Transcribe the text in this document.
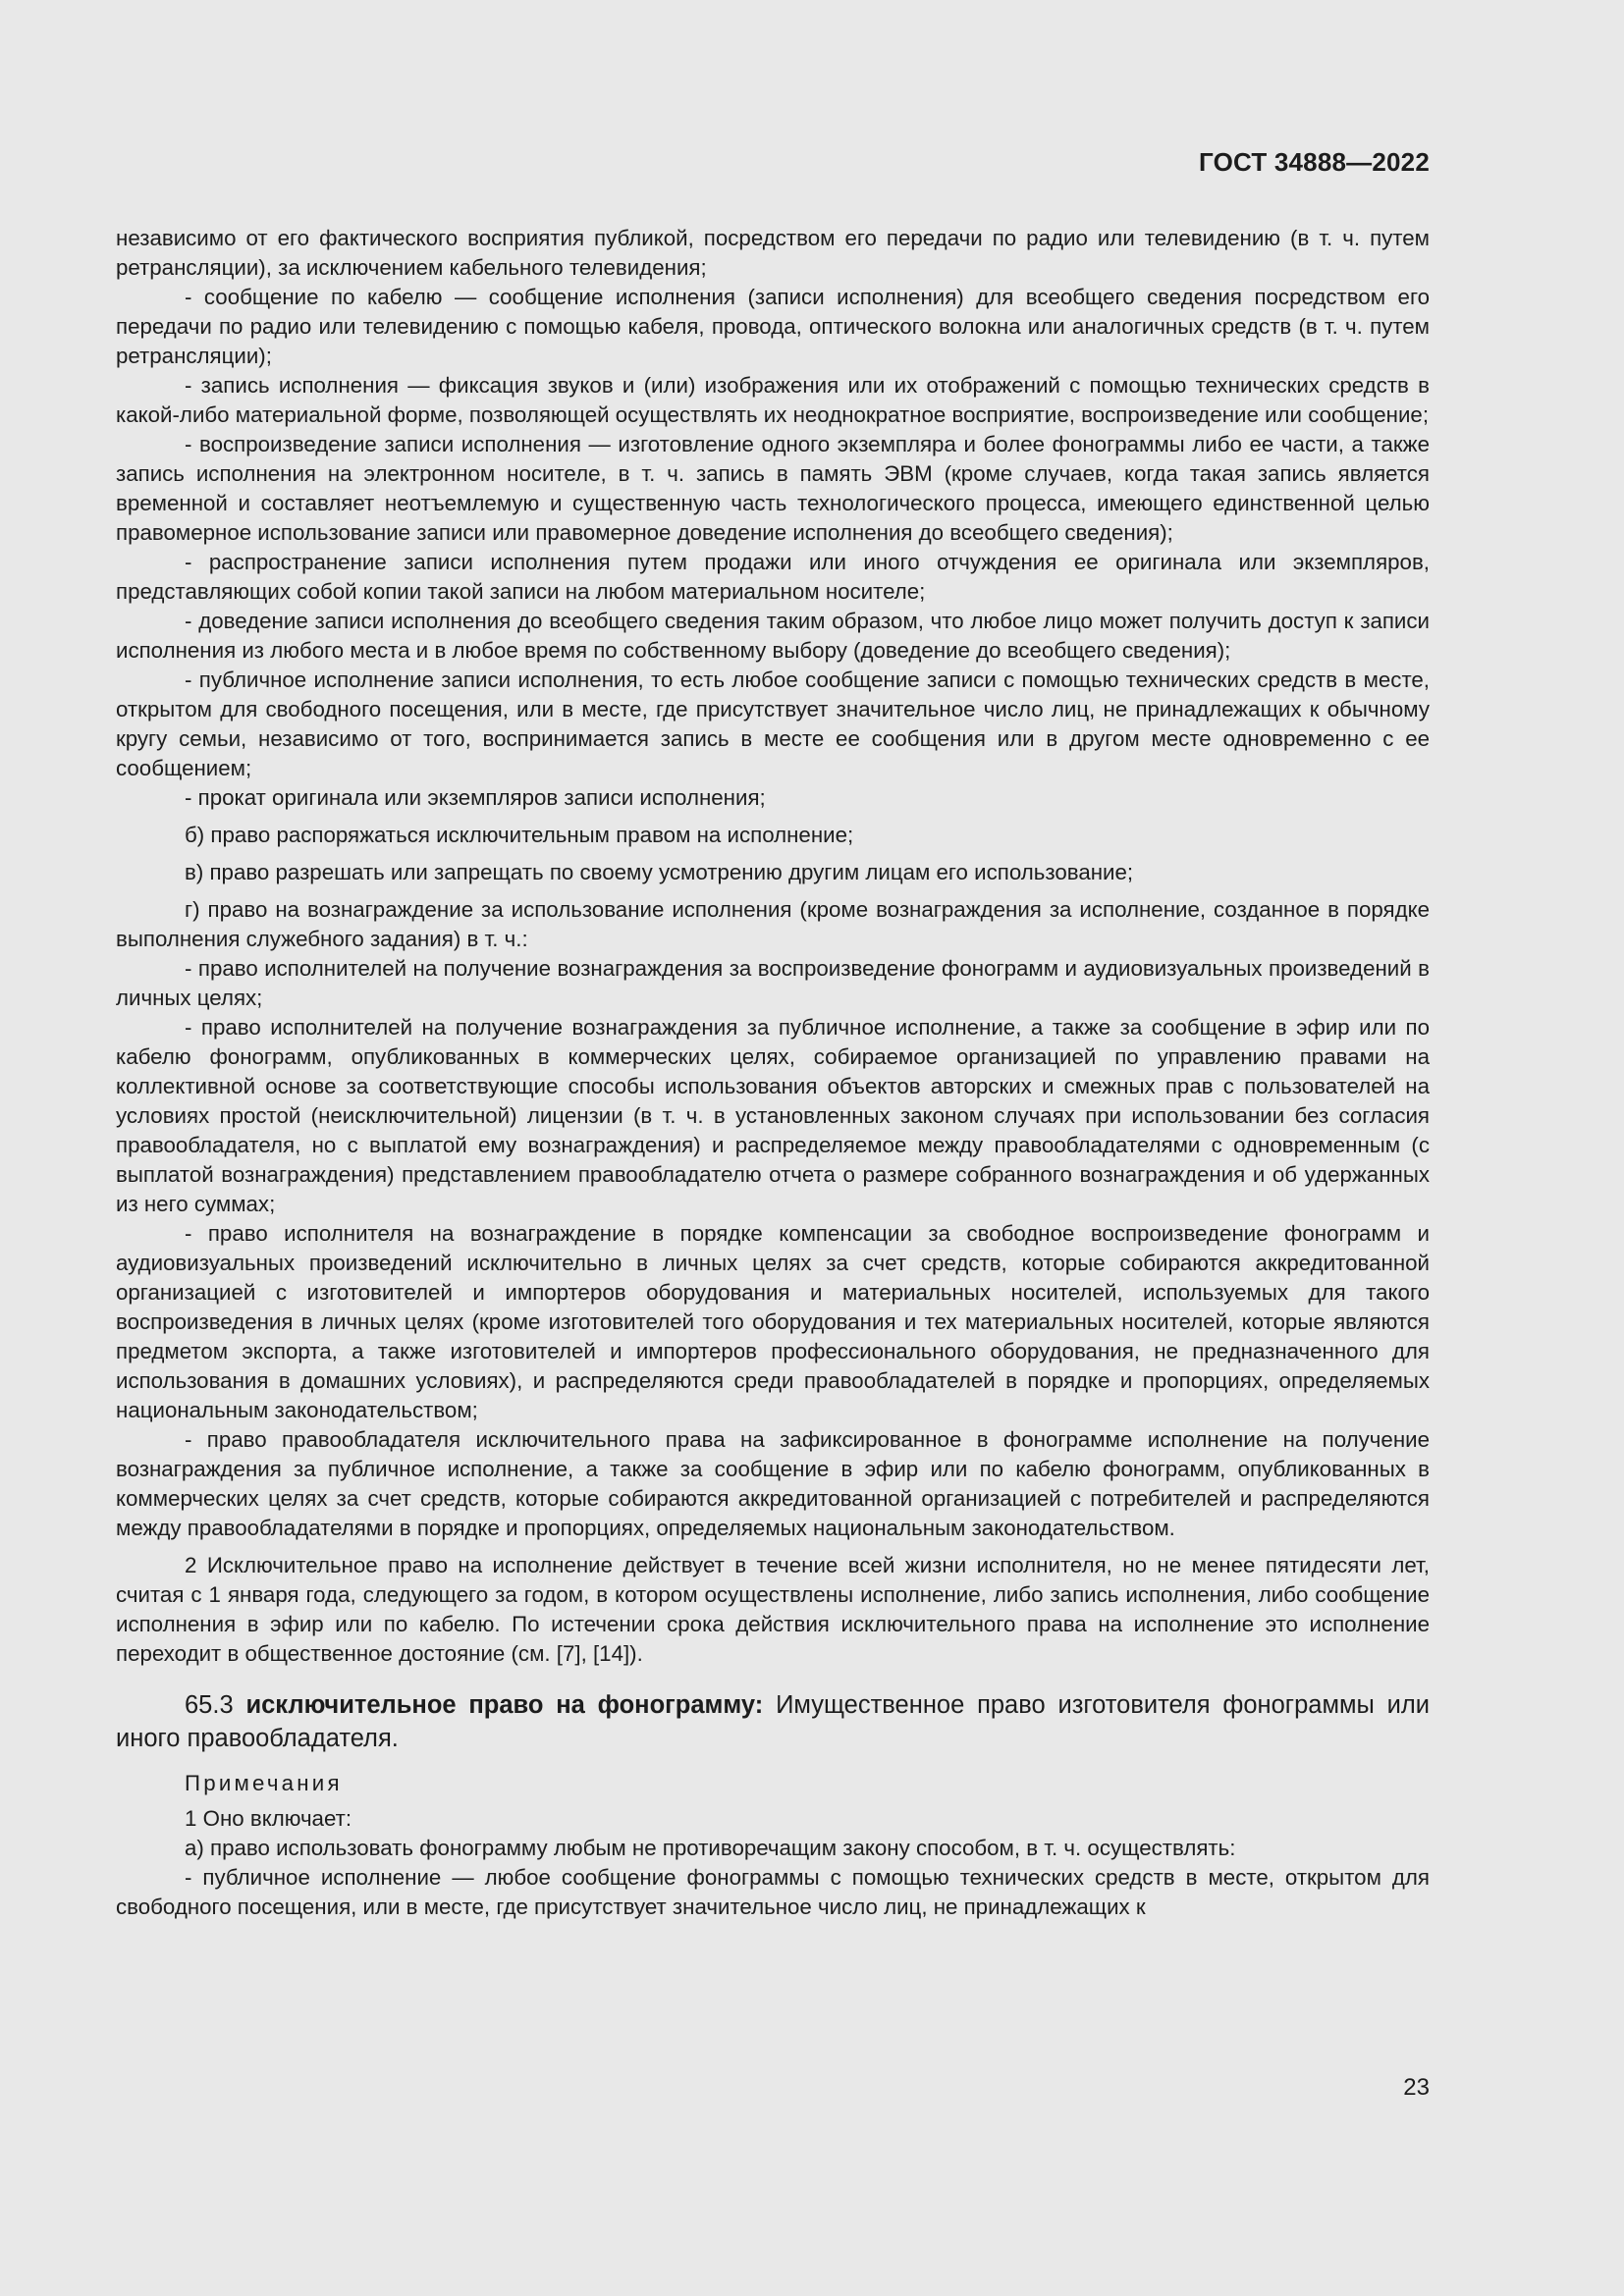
ГОСТ 34888—2022

независимо от его фактического восприятия публикой, посредством его передачи по радио или телевидению (в т. ч. путем ретрансляции), за исключением кабельного телевидения;

- сообщение по кабелю — сообщение исполнения (записи исполнения) для всеобщего сведения посредством его передачи по радио или телевидению с помощью кабеля, провода, оптического волокна или аналогичных средств (в т. ч. путем ретрансляции);

- запись исполнения — фиксация звуков и (или) изображения или их отображений с помощью технических средств в какой-либо материальной форме, позволяющей осуществлять их неоднократное восприятие, воспроизведение или сообщение;

- воспроизведение записи исполнения — изготовление одного экземпляра и более фонограммы либо ее части, а также запись исполнения на электронном носителе, в т. ч. запись в память ЭВМ (кроме случаев, когда такая запись является временной и составляет неотъемлемую и существенную часть технологического процесса, имеющего единственной целью правомерное использование записи или правомерное доведение исполнения до всеобщего сведения);

- распространение записи исполнения путем продажи или иного отчуждения ее оригинала или экземпляров, представляющих собой копии такой записи на любом материальном носителе;

- доведение записи исполнения до всеобщего сведения таким образом, что любое лицо может получить доступ к записи исполнения из любого места и в любое время по собственному выбору (доведение до всеобщего сведения);

- публичное исполнение записи исполнения, то есть любое сообщение записи с помощью технических средств в месте, открытом для свободного посещения, или в месте, где присутствует значительное число лиц, не принадлежащих к обычному кругу семьи, независимо от того, воспринимается запись в месте ее сообщения или в другом месте одновременно с ее сообщением;

- прокат оригинала или экземпляров записи исполнения;

б) право распоряжаться исключительным правом на исполнение;

в) право разрешать или запрещать по своему усмотрению другим лицам его использование;

г) право на вознаграждение за использование исполнения (кроме вознаграждения за исполнение, созданное в порядке выполнения служебного задания) в т. ч.:

- право исполнителей на получение вознаграждения за воспроизведение фонограмм и аудиовизуальных произведений в личных целях;

- право исполнителей на получение вознаграждения за публичное исполнение, а также за сообщение в эфир или по кабелю фонограмм, опубликованных в коммерческих целях, собираемое организацией по управлению правами на коллективной основе за соответствующие способы использования объектов авторских и смежных прав с пользователей на условиях простой (неисключительной) лицензии (в т. ч. в установленных законом случаях при использовании без согласия правообладателя, но с выплатой ему вознаграждения) и распределяемое между правообладателями с одновременным (с выплатой вознаграждения) представлением правообладателю отчета о размере собранного вознаграждения и об удержанных из него суммах;

- право исполнителя на вознаграждение в порядке компенсации за свободное воспроизведение фонограмм и аудиовизуальных произведений исключительно в личных целях за счет средств, которые собираются аккредитованной организацией с изготовителей и импортеров оборудования и материальных носителей, используемых для такого воспроизведения в личных целях (кроме изготовителей того оборудования и тех материальных носителей, которые являются предметом экспорта, а также изготовителей и импортеров профессионального оборудования, не предназначенного для использования в домашних условиях), и распределяются среди правообладателей в порядке и пропорциях, определяемых национальным законодательством;

- право правообладателя исключительного права на зафиксированное в фонограмме исполнение на получение вознаграждения за публичное исполнение, а также за сообщение в эфир или по кабелю фонограмм, опубликованных в коммерческих целях за счет средств, которые собираются аккредитованной организацией с потребителей и распределяются между правообладателями в порядке и пропорциях, определяемых национальным законодательством.

2 Исключительное право на исполнение действует в течение всей жизни исполнителя, но не менее пятидесяти лет, считая с 1 января года, следующего за годом, в котором осуществлены исполнение, либо запись исполнения, либо сообщение исполнения в эфир или по кабелю. По истечении срока действия исключительного права на исполнение это исполнение переходит в общественное достояние (см. [7], [14]).

65.3 исключительное право на фонограмму: Имущественное право изготовителя фонограммы или иного правообладателя.

Примечания

1 Оно включает:

а) право использовать фонограмму любым не противоречащим закону способом, в т. ч. осуществлять:

- публичное исполнение — любое сообщение фонограммы с помощью технических средств в месте, открытом для свободного посещения, или в месте, где присутствует значительное число лиц, не принадлежащих к

23
